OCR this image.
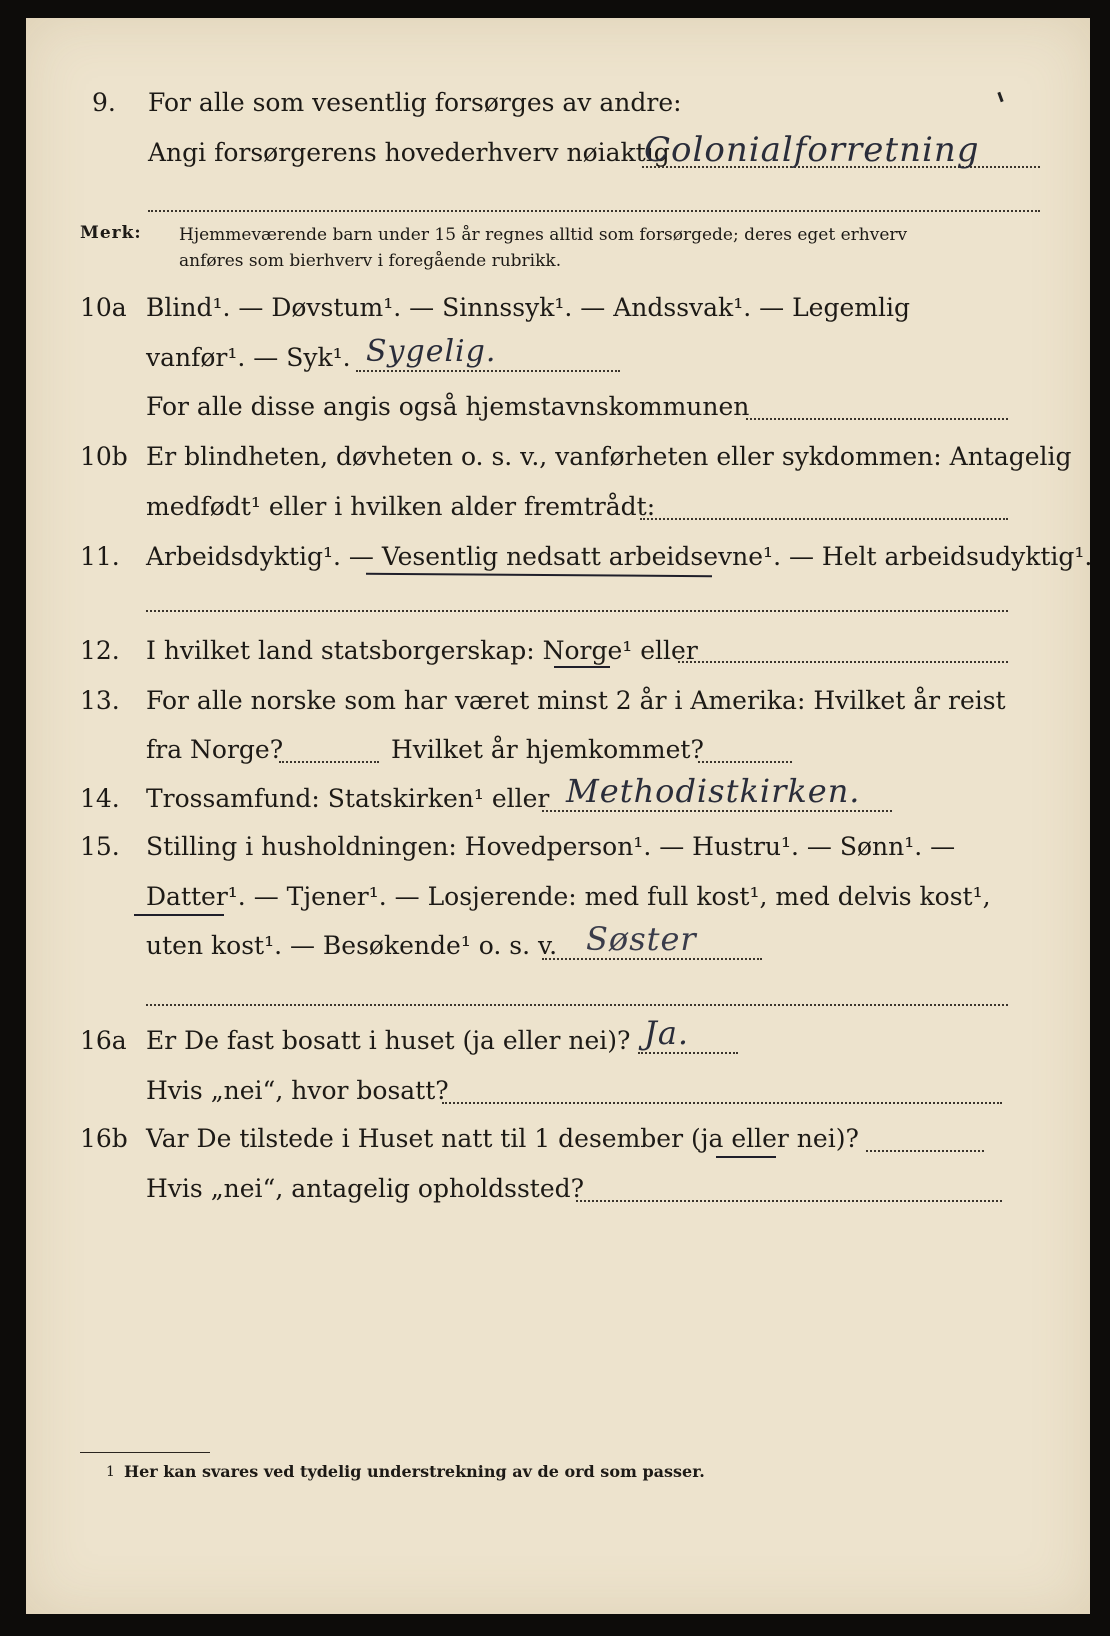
9. For alle som vesentlig forsørges av andre:
Angi forsørgerens hovederhverv nøiaktig
Colonialforretning
Merk: Hjemmeværende barn under 15 år regnes alltid som forsørgede; deres eget erhverv
anføres som bierhverv i foregående rubrikk.
10a Blind¹. — Døvstum¹. — Sinnssyk¹. — Andssvak¹. — Legemlig
vanfør¹. — Syk¹. Sygelig.
For alle disse angis også hjemstavnskommunen
10b Er blindheten, døvheten o. s. v., vanførheten eller sykdommen: Antagelig
medfødt¹ eller i hvilken alder fremtrådt:
11. Arbeidsdyktig¹. — Vesentlig nedsatt arbeidsevne¹. — Helt arbeidsudyktig¹.
12. I hvilket land statsborgerskap: Norge¹ eller
13. For alle norske som har været minst 2 år i Amerika: Hvilket år reist
fra Norge?	Hvilket år hjemkommet?
14. Trossamfund: Statskirken¹ eller Methodistkirken.
15. Stilling i husholdningen: Hovedperson¹. — Hustru¹. — Sønn¹. —
Datter¹. — Tjener¹. — Losjerende: med full kost¹, med delvis kost¹,
uten kost¹. — Besøkende¹ o. s. v. Søster
16a Er De fast bosatt i huset (ja eller nei)? Ja.
Hvis „nei“, hvor bosatt?
16b Var De tilstede i Huset natt til 1 desember (ja eller nei)?
Hvis „nei“, antagelig opholdssted?
1 Her kan svares ved tydelig understrekning av de ord som passer.
